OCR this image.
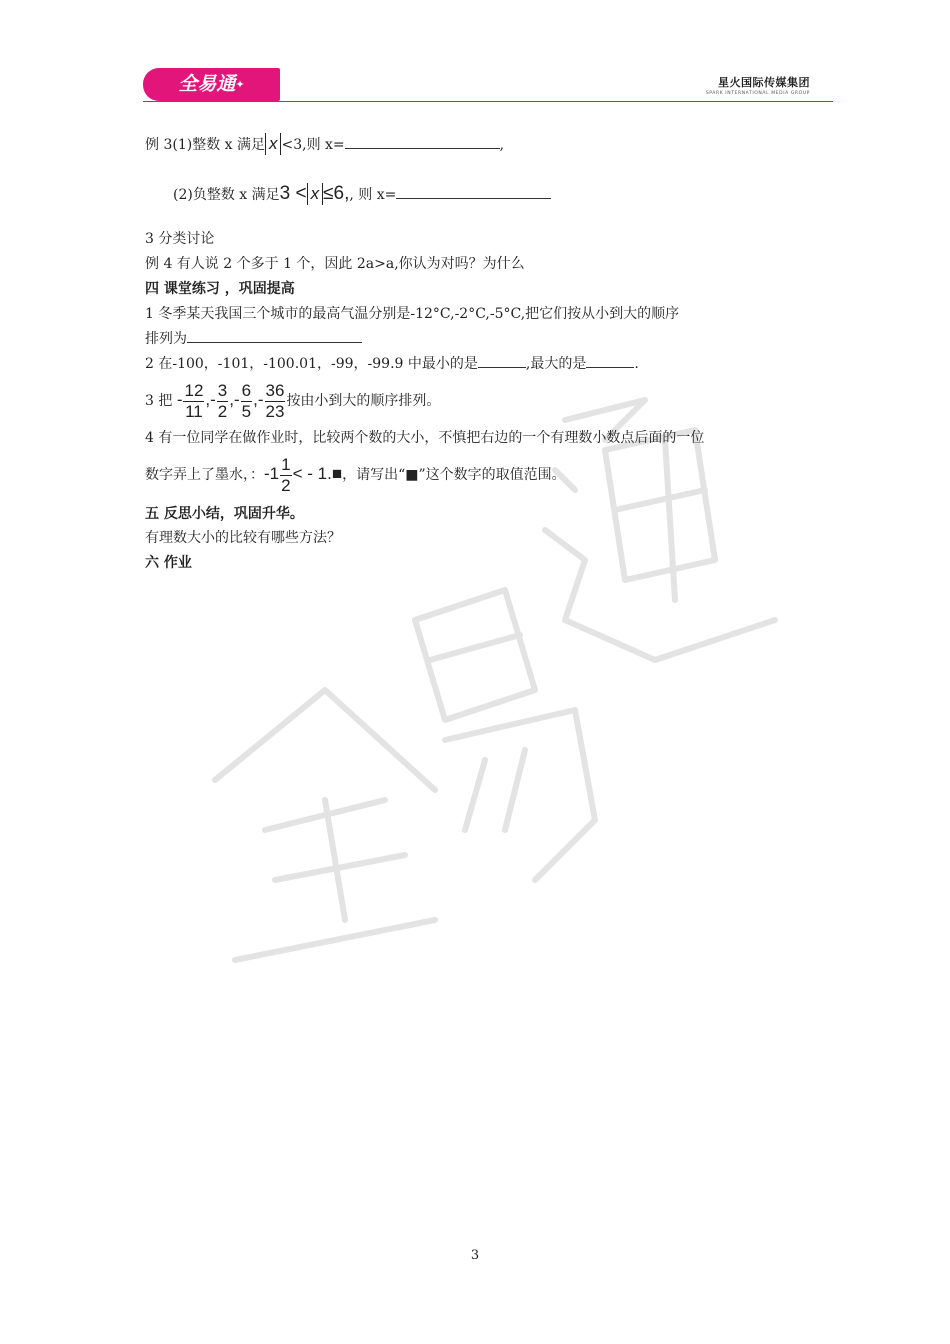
全易通✦	星火国际传媒集团
SPARK INTERNATIONAL MEDIA GROUP
例 3(1)整数 x 满足 x <3,则 x=	,
(2)负整数 x 满足3 < x ≤6,, 则 x=
3 分类讨论
例 4 有人说 2 个多于 1 个，因此 2a>a,你认为对吗？为什么
四 课堂练习 ，巩固提高
1 冬季某天我国三个城市的最高气温分别是-12°C,-2°C,-5°C,把它们按从小到大的顺序
排列为
2 在-100，-101，-100.01，-99，-99.9 中最小的是	,最大的是	.
3 把 - $\frac{12}{11}$ ,- $\frac{3}{2}$ ,- $\frac{6}{5}$ ,- $\frac{36}{23}$ 按由小到大的顺序排列。
4 有一位同学在做作业时，比较两个数的大小，不慎把右边的一个有理数小数点后面的一位
数字弄上了墨水，：$-1 \frac{1}{2}$ < - 1.■，请写出“■”这个数字的取值范围。
五 反思小结，巩固升华。
有理数大小的比较有哪些方法？
六 作业
3
